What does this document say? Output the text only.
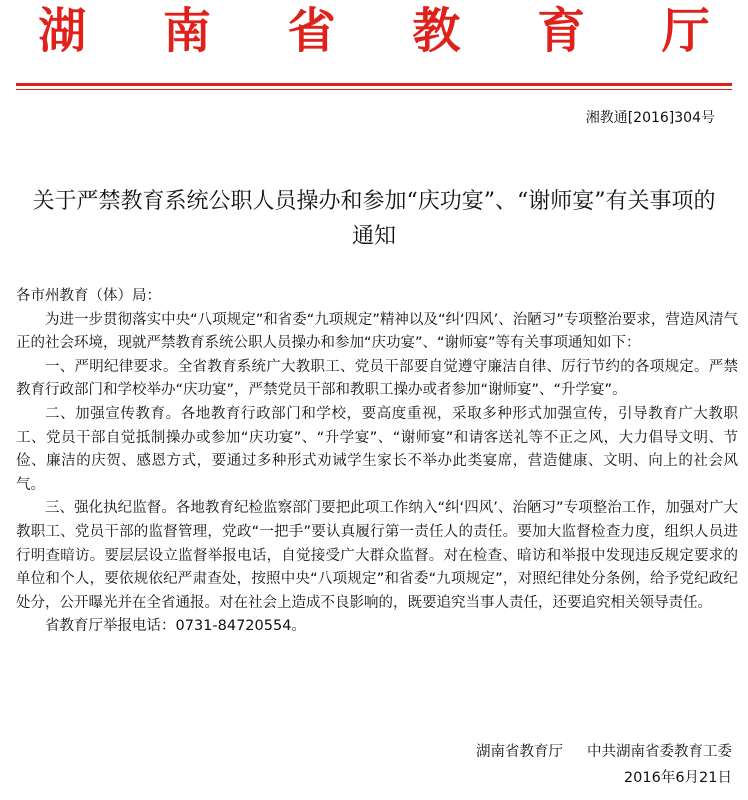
湖 南 省 教 育 厅
湘教通[2016]304号
关于严禁教育系统公职人员操办和参加“庆功宴”、“谢师宴”有关事项的通知

各市州教育（体）局：

为进一步贯彻落实中央“八项规定”和省委“九项规定”精神以及“纠‘四风’、治陋习”专项整治要求，营造风清气正的社会环境，现就严禁教育系统公职人员操办和参加“庆功宴”、“谢师宴”等有关事项通知如下：

一、严明纪律要求。全省教育系统广大教职工、党员干部要自觉遵守廉洁自律、厉行节约的各项规定。严禁教育行政部门和学校举办“庆功宴”，严禁党员干部和教职工操办或者参加“谢师宴”、“升学宴”。

二、加强宣传教育。各地教育行政部门和学校，要高度重视，采取多种形式加强宣传，引导教育广大教职工、党员干部自觉抵制操办或参加“庆功宴”、“升学宴”、“谢师宴”和请客送礼等不正之风，大力倡导文明、节俭、廉洁的庆贺、感恩方式，要通过多种形式劝诫学生家长不举办此类宴席，营造健康、文明、向上的社会风气。

三、强化执纪监督。各地教育纪检监察部门要把此项工作纳入“纠‘四风’、治陋习”专项整治工作，加强对广大教职工、党员干部的监督管理，党政“一把手”要认真履行第一责任人的责任。要加大监督检查力度，组织人员进行明查暗访。要层层设立监督举报电话，自觉接受广大群众监督。对在检查、暗访和举报中发现违反规定要求的单位和个人，要依规依纪严肃查处，按照中央“八项规定”和省委“九项规定”，对照纪律处分条例，给予党纪政纪处分，公开曝光并在全省通报。对在社会上造成不良影响的，既要追究当事人责任，还要追究相关领导责任。

省教育厅举报电话：0731-84720554。

湖南省教育厅 中共湖南省委教育工委
2016年6月21日
